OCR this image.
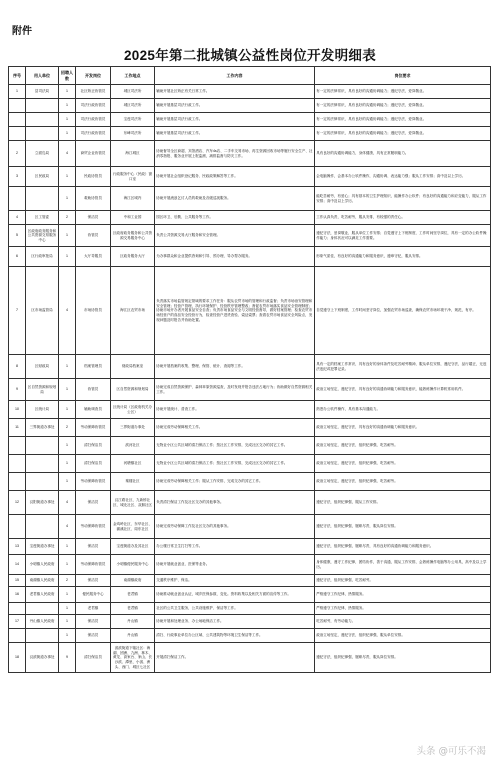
附件
2025年第二批城镇公益性岗位开发明细表
序号	用人单位	招聘人数	开发岗位	工作地点	工作内容	岗位要求
1	县司法局	1	社区矫正协管员	城区司法所	辅助开展社区矫正有关日常工作。	有一定的法律常识，具有良好的沟通协调能力；遵纪守法，爱岗敬业。
		1	司法行政协管员	城区司法所	辅助开展基层司法行政工作。	有一定的法律常识，具有良好的沟通协调能力；遵纪守法，爱岗敬业。
		1	司法行政协管员	宝莲司法所	辅助开展基层司法行政工作。	有一定的法律常识，具有良好的沟通协调能力；遵纪守法，爱岗敬业。
		1	司法行政协管员	东峰司法所	辅助开展基层司法行政工作。	有一定的法律常识，具有良好的沟通协调能力；遵纪守法，爱岗敬业。
2	立面岛局	4	商贸企业协管员	海江城区	协助督导全区商超、宾馆酒店、汽车4s店、二手车交易市场、再生资源回收市场等履行安全生产、社消零指报、服务业开展上报监测，减排监督与防灾工作。	具有良好的沟通协调能力，身体健康，具有正常履职能力。
3	区民政局	1	民政协管员	行政服务中心（民政）窗口室	协助开展社会组织登记服务、民政政策解答等工作。	会电脑操作，会基本办公软件操作，沟通协调、表达能力强；服从工作安排；高中及以上学历。
		1	救助协管员	海江区城内	协助开展流浪乞讨人员的救助及各级巡视服务。	能吃苦耐劳，有爱心；具有基本的卫生护理知识，能操作办公软件；有良好的沟通能力和应变能力，服从工作安排；高中及以上学历。
4	区工管委	2	保洁员	中和工业园	园区环卫、后勤、公共服务等工作。	工作认真负责，吃苦耐劳，服从安排，有较强的责任心。
5	区政府政务服务和公共资源交易服务中心	1	协管员	区政府政务服务和公共资源交易服务中心	负责公共资源交易大厅服务和安全管理。	遵纪守法，爱岗敬业，服从单位工作安排；自觉遵守上下班制度，工作时间坚守岗位，具有一定的办公软件操作能力；身体状况可以满足工作需要。
6	区行政审批局	1	大厅导服员	区政务服务大厅	为办事群众和企业提供咨询和引导、预办理、导办帮办服务。	形象气质佳，有良好的沟通能力和服务意识，遵章守纪，服从安排。
7	区市场监管局	4	市场协管员	海江区农贸市场	负责落实市场监管规定领域的要求工作任务：服从农贸市场的管理和行政监督；负责市场治安管理和安全管理；经营户管理，执行环境保护、经营秩序管理整改；督促农贸市场落实食品安全管理制度；协助市场开办者开展食品安全自查；负责市场食品安全与文明经营督导，做好档案管理；检查农贸市场经营户的食品安全经营行为，检查经营户进货查验、索证索票；查看农贸市场食品安全风险点，发现问题及时报告并协助处置。	自觉遵守上下班制度，工作时间坚守岗位，加强农贸市场巡查，确保农贸市场环境干净，规范，有序。
8	区财政局	1	档案管理员	财政局档案室	协助开展档案的收集、整理、保管、统计、查阅等工作。	具有一定的档案工作常识，具有良好的身体条件及吃苦耐劳精神，服从单位安排，遵纪守法，品行端正，无违法违纪或犯罪记录。
9	区自然资源和规划局	1	协管员	区自然资源和规划局	协助完成自然资源保护、森林草原资源巡查，及时发现并报告违法占地行为；协助做好自然资源相关工作。	政治立场坚定，遵纪守法，具有良好的沟通协调能力和服务意识，能熟练操作计算机常用软件。
10	区统计局	1	辅助调查员	区统计局（区政府机关办公区）	协助开展统计、普查工作。	熟悉办公软件操作，具有基本沟通能力。
11	三界街道办事处	2	劳动保障协管员	三界街道办事处	协助完成劳动保障相关工作。	政治立场坚定，遵纪守法，具有良好的沟通协调能力和服务意识。
		1	清扫保洁员	滨河社区	无物业小区公共区域的清扫保洁工作；按社区工作安排，完成社区交办的其它工作。	政治立场坚定，遵纪守法，组织纪律强，吃苦耐劳。
		1	清扫保洁员	河塘镇社区	无物业小区公共区域的清扫保洁工作；按社区工作安排，完成社区交办的其它工作。	政治立场坚定，遵纪守法，组织纪律强，吃苦耐劳。
		1	劳动保障协管员	秦楼社区	协助完成劳动保障相关工作；服从工作安排，完成交办的其它工作。	政治立场坚定，遵纪守法，组织纪律强，吃苦耐劳。
12	汉阳街道办事处	4	保洁员	汉江路社区、九新桥社区、城北社区、双拥社区	负责清扫保洁工作及社区交办的其他事务。	遵纪守法，组织纪律强，服从工作安排。
		4	劳动保障协管员	金鸡岭社区、东华社区、蒲溪社区、周东社区	协助完成劳动保障工作及社区交办的其他事务。	遵纪守法，组织纪律强，履职尽责，服从岗位安排。
13	宝莲街道办事处	1	保洁员	宝莲街道办及其社区	办公楼日常卫生打扫等工作。	遵纪守法，组织纪律强，履职尽责，具有良好的沟通协调能力和服务意识。
14	小明镇人民政府	1	劳动保障协管员	小明镇便民服务中心	协助开展就业创业、医保等业务。	身体健康，遵守工作纪律，团结协作，善于沟通，服从工作安排，会熟练操作电脑等办公用具，高中及以上学历。
15	南湖镇人民政府	2	保洁员	南湖镇政府	交通秩序维护、保洁。	遵纪守法，组织纪律强，吃苦耐劳。
16	老君镇人民政府	1	便民服务中心	老君镇	协助推动就业创业认证，城乡医保参数、变化。资料收集以及相关方面的宣传等工作。	严格遵守工作纪律，热情服务。
		1	老君镇	老君镇	社区的公共卫生服务，公共设施维护、保洁等工作。	严格遵守工作纪律，热情服务。
17	丹山镇人民政府	1	保洁员	丹山镇	协助开展和处理业务、办公场地保洁工作。	吃苦耐劳，有劳动能力。
		1	保洁员	丹山镇	清扫、行政事业单位办公区域、公共建筑物等环境卫生保洁等工作。	政治立场坚定，遵纪守法，组织纪律强，服从单位安排。
18	汉滨街道办事处	9	清扫保洁员	滨滨街道下辖社区：海湖、团洲、九洲、林木、黄龙、高家台、家山、长沙滨、潭里、小滨、洲头、西门、城区七社区	开展清扫保洁工作。	遵纪守法，组织纪律强，履职尽责，服从岗位安排。
头条 @可乐不渴
